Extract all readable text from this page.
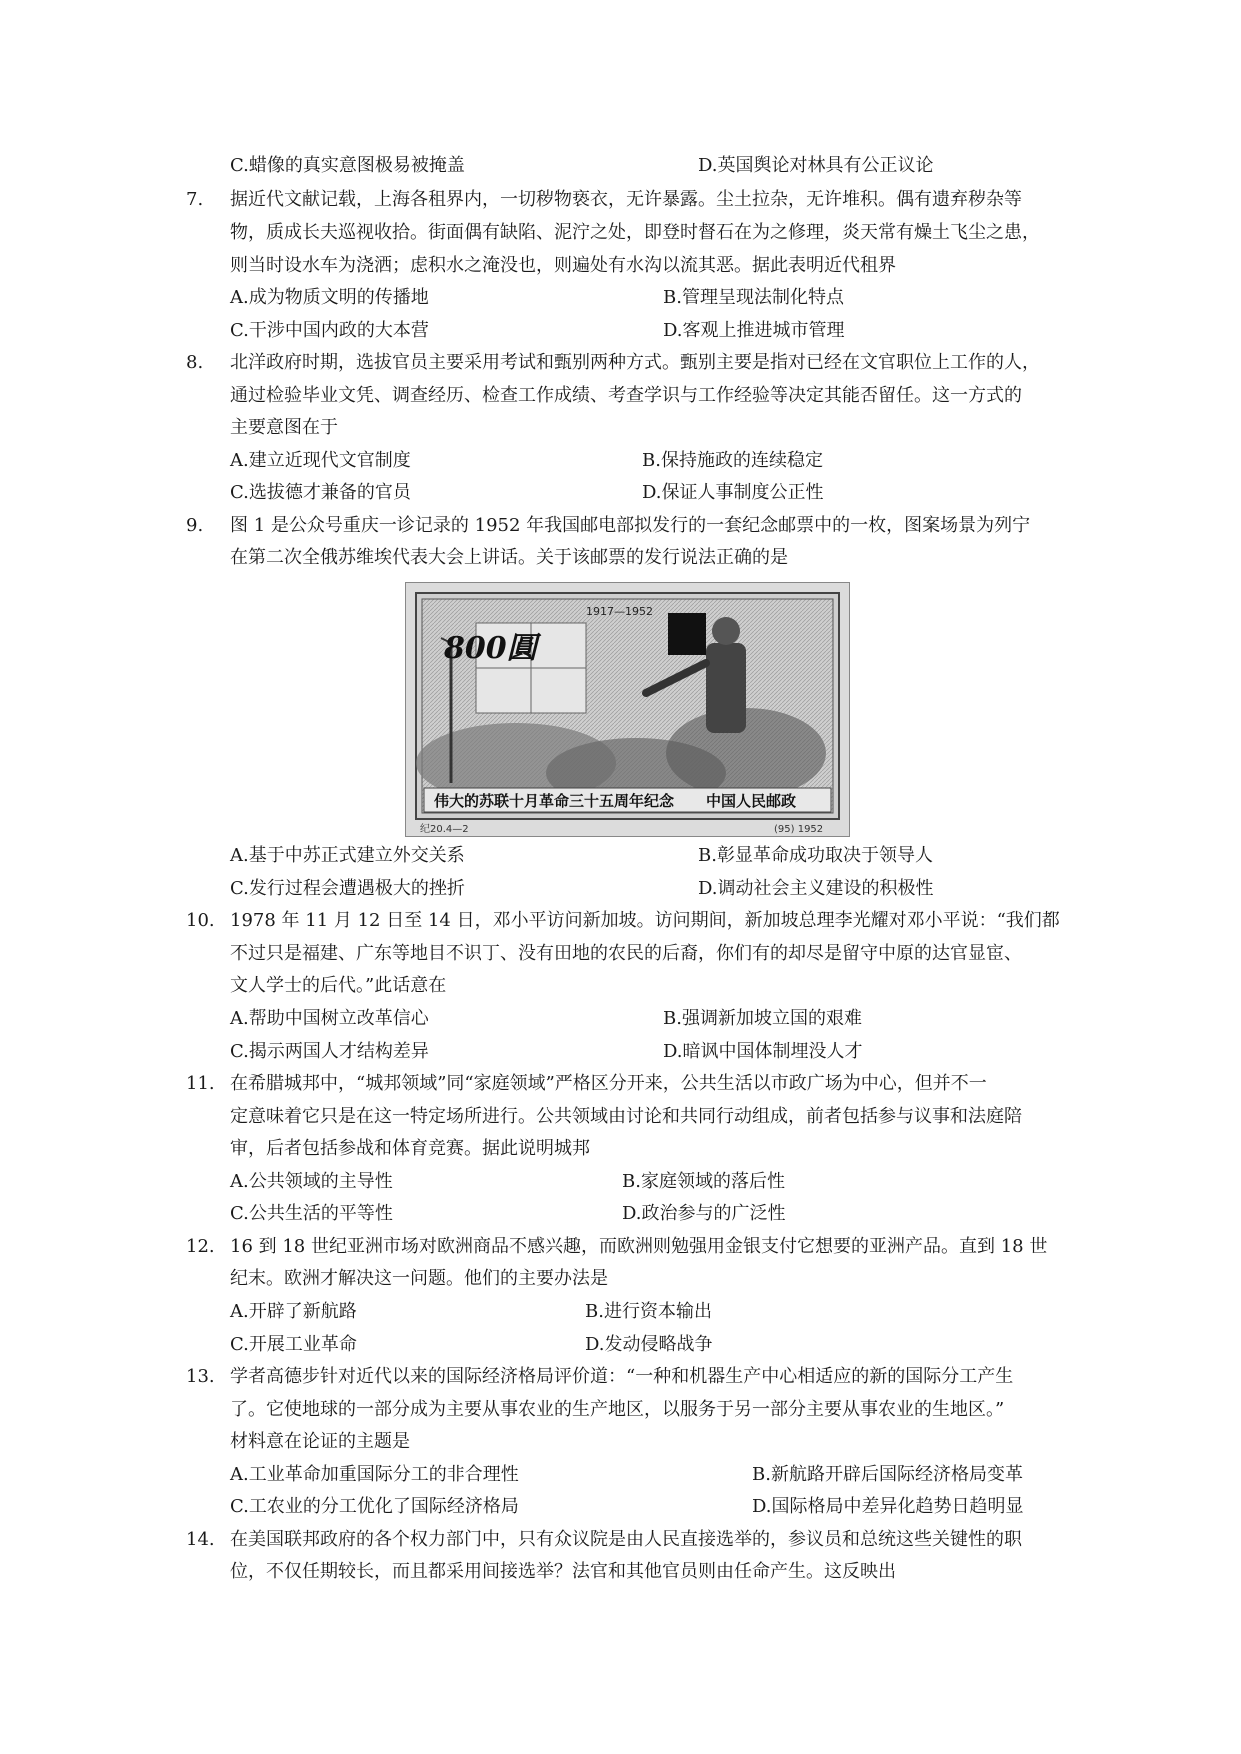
C.蜡像的真实意图极易被掩盖	D.英国舆论对林具有公正议论
7. 据近代文献记载，上海各租界内，一切秽物亵衣，无许暴露。尘土拉杂，无许堆积。偶有遗弃秽杂等
物，质成长夫巡视收拾。街面偶有缺陷、泥泞之处，即登时督石在为之修理，炎天常有燥土飞尘之患，
则当时设水车为浇洒；虑积水之淹没也，则遍处有水沟以流其恶。据此表明近代租界
A.成为物质文明的传播地	B.管理呈现法制化特点
C.干涉中国内政的大本营	D.客观上推进城市管理
8. 北洋政府时期，选拔官员主要采用考试和甄别两种方式。甄别主要是指对已经在文官职位上工作的人，
通过检验毕业文凭、调查经历、检查工作成绩、考查学识与工作经验等决定其能否留任。这一方式的
主要意图在于
A.建立近现代文官制度	B.保持施政的连续稳定
C.选拔德才兼备的官员	D.保证人事制度公正性
9. 图 1 是公众号重庆一诊记录的 1952 年我国邮电部拟发行的一套纪念邮票中的一枚，图案场景为列宁
在第二次全俄苏维埃代表大会上讲话。关于该邮票的发行说法正确的是
800圓
1917—1952
伟大的苏联十月革命三十五周年纪念 中国人民邮政
纪20.4—2	(95) 1952
A.基于中苏正式建立外交关系	B.彰显革命成功取决于领导人
C.发行过程会遭遇极大的挫折	D.调动社会主义建设的积极性
10. 1978 年 11 月 12 日至 14 日，邓小平访问新加坡。访问期间，新加坡总理李光耀对邓小平说：“我们都
不过只是福建、广东等地目不识丁、没有田地的农民的后裔，你们有的却尽是留守中原的达官显宦、
文人学士的后代。”此话意在
A.帮助中国树立改革信心	B.强调新加坡立国的艰难
C.揭示两国人才结构差异	D.暗讽中国体制埋没人才
11. 在希腊城邦中，“城邦领域”同“家庭领域”严格区分开来，公共生活以市政广场为中心，但并不一
定意味着它只是在这一特定场所进行。公共领域由讨论和共同行动组成，前者包括参与议事和法庭陪
审，后者包括参战和体育竞赛。据此说明城邦
A.公共领域的主导性	B.家庭领域的落后性
C.公共生活的平等性	D.政治参与的广泛性
12. 16 到 18 世纪亚洲市场对欧洲商品不感兴趣，而欧洲则勉强用金银支付它想要的亚洲产品。直到 18 世
纪末。欧洲才解决这一问题。他们的主要办法是
A.开辟了新航路	B.进行资本输出
C.开展工业革命	D.发动侵略战争
13. 学者高德步针对近代以来的国际经济格局评价道：“一种和机器生产中心相适应的新的国际分工产生
了。它使地球的一部分成为主要从事农业的生产地区，以服务于另一部分主要从事农业的生地区。”
材料意在论证的主题是
A.工业革命加重国际分工的非合理性	B.新航路开辟后国际经济格局变革
C.工农业的分工优化了国际经济格局	D.国际格局中差异化趋势日趋明显
14. 在美国联邦政府的各个权力部门中，只有众议院是由人民直接选举的，参议员和总统这些关键性的职
位，不仅任期较长，而且都采用间接选举？法官和其他官员则由任命产生。这反映出
